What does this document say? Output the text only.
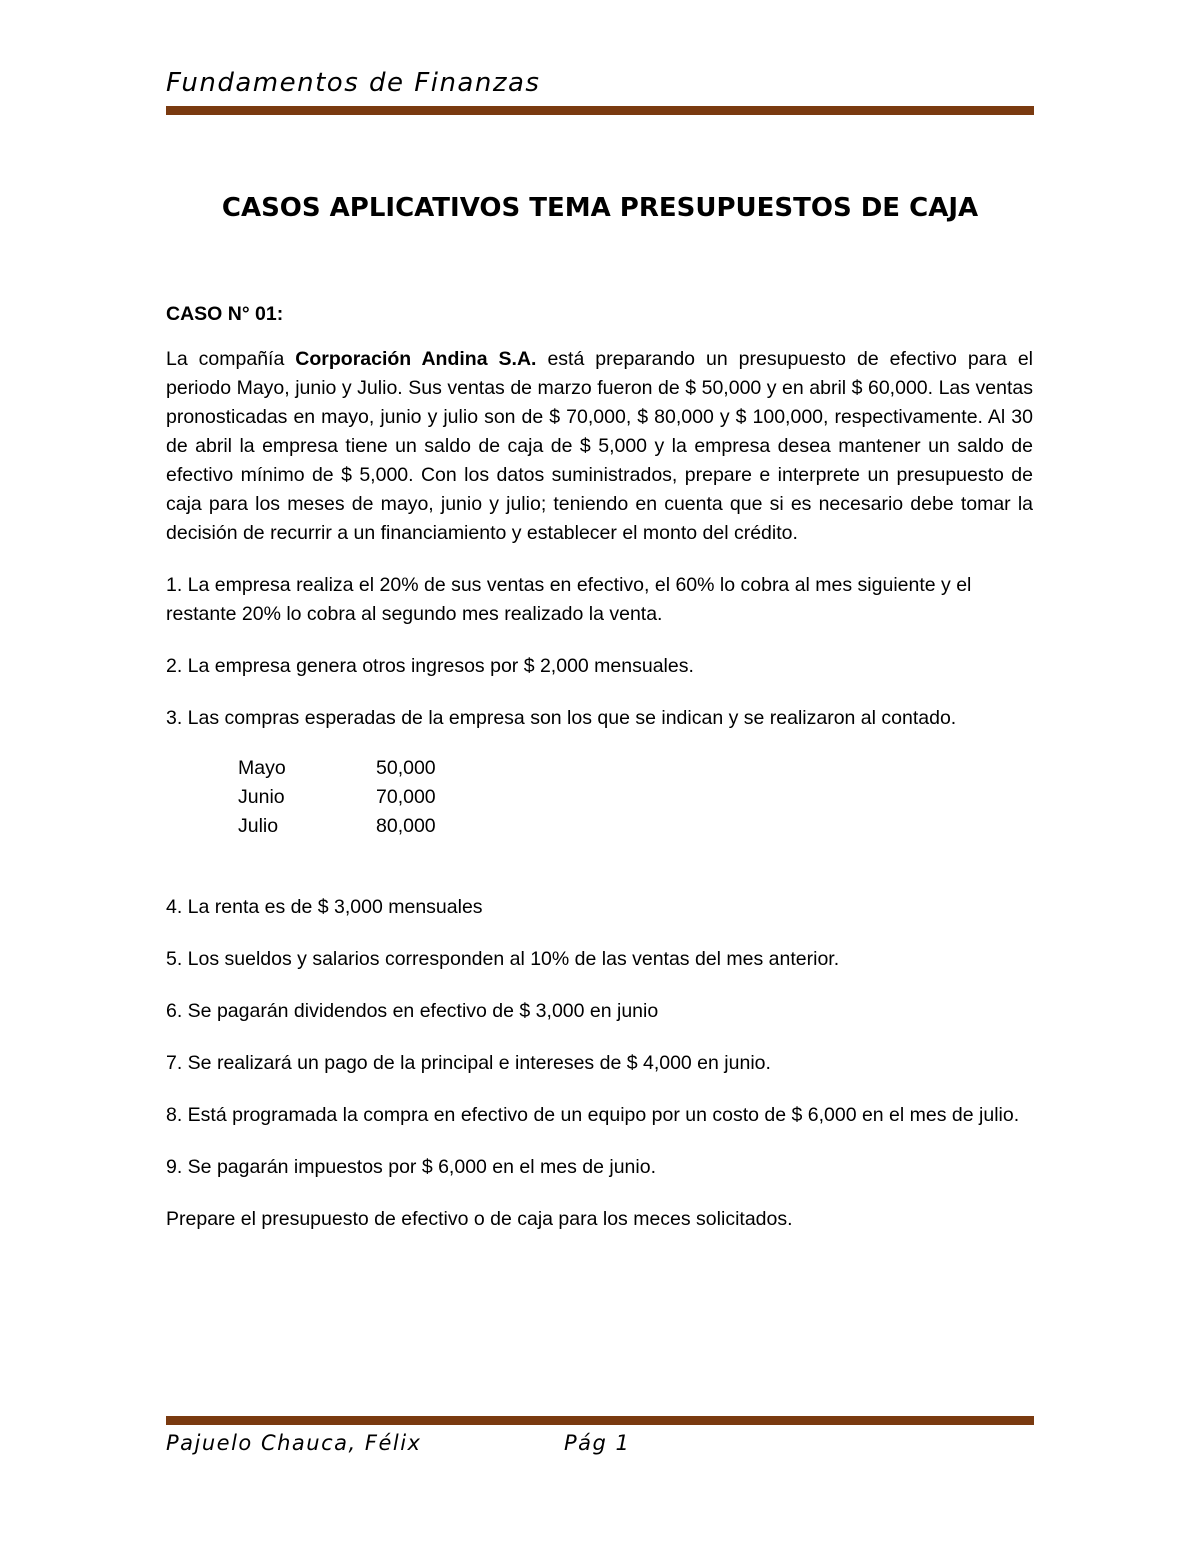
Fundamentos de Finanzas
CASOS APLICATIVOS TEMA PRESUPUESTOS DE CAJA

CASO N° 01:

La compañía Corporación Andina S.A. está preparando un presupuesto de efectivo para el periodo Mayo, junio y Julio. Sus ventas de marzo fueron de $ 50,000 y en abril $ 60,000. Las ventas pronosticadas en mayo, junio y julio son de $ 70,000, $ 80,000 y $ 100,000, respectivamente. Al 30 de abril la empresa tiene un saldo de caja de $ 5,000 y la empresa desea mantener un saldo de efectivo mínimo de $ 5,000. Con los datos suministrados, prepare e interprete un presupuesto de caja para los meses de mayo, junio y julio; teniendo en cuenta que si es necesario debe tomar la decisión de recurrir a un financiamiento y establecer el monto del crédito.

1. La empresa realiza el 20% de sus ventas en efectivo, el 60% lo cobra al mes siguiente y el restante 20% lo cobra al segundo mes realizado la venta.

2. La empresa genera otros ingresos por $ 2,000 mensuales.

3. Las compras esperadas de la empresa son los que se indican y se realizaron al contado.

Mayo	50,000
Junio	70,000
Julio	80,000

4. La renta es de $ 3,000 mensuales

5. Los sueldos y salarios corresponden al 10% de las ventas del mes anterior.

6. Se pagarán dividendos en efectivo de $ 3,000 en junio

7. Se realizará un pago de la principal e intereses de $ 4,000 en junio.

8. Está programada la compra en efectivo de un equipo por un costo de $ 6,000 en el mes de julio.

9. Se pagarán impuestos por $ 6,000 en el mes de junio.

Prepare el presupuesto de efectivo o de caja para los meces solicitados.

Pajuelo Chauca, Félix	Pág 1
